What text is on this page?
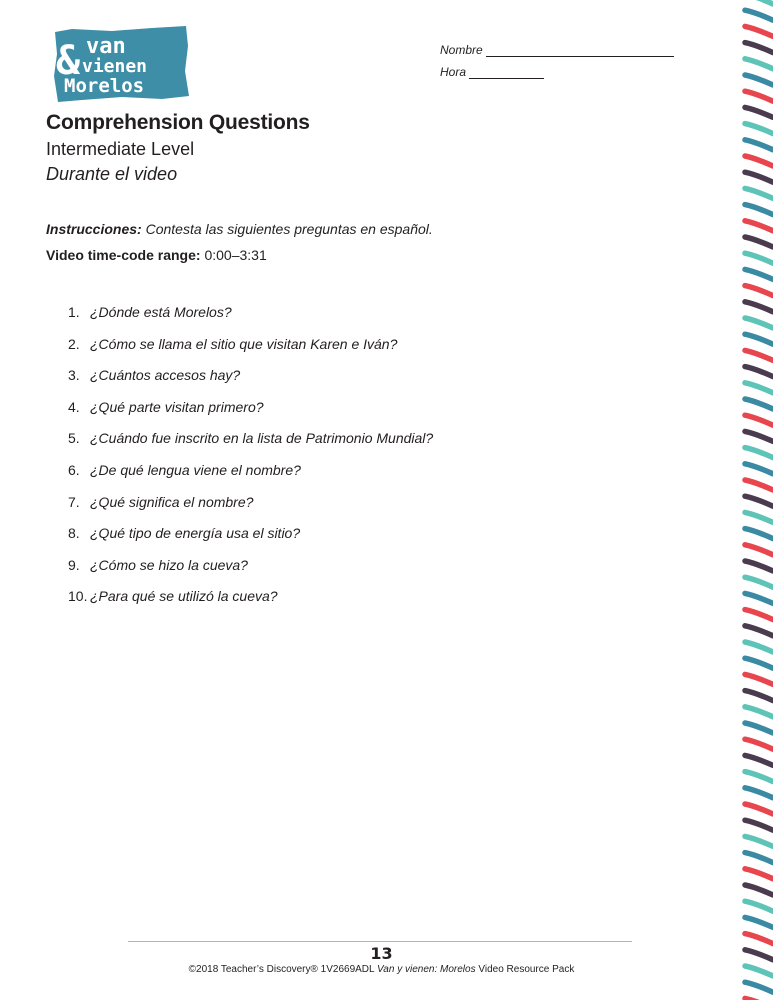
& van
vienen
Morelos
Nombre
Hora
Comprehension Questions
Intermediate Level
Durante el video
Instrucciones: Contesta las siguientes preguntas en español.
Video time-code range: 0:00–3:31
1. ¿Dónde está Morelos?
2. ¿Cómo se llama el sitio que visitan Karen e Iván?
3. ¿Cuántos accesos hay?
4. ¿Qué parte visitan primero?
5. ¿Cuándo fue inscrito en la lista de Patrimonio Mundial?
6. ¿De qué lengua viene el nombre?
7. ¿Qué significa el nombre?
8. ¿Qué tipo de energía usa el sitio?
9. ¿Cómo se hizo la cueva?
10. ¿Para qué se utilizó la cueva?
13
©2018 Teacher’s Discovery® 1V2669ADL Van y vienen: Morelos Video Resource Pack
